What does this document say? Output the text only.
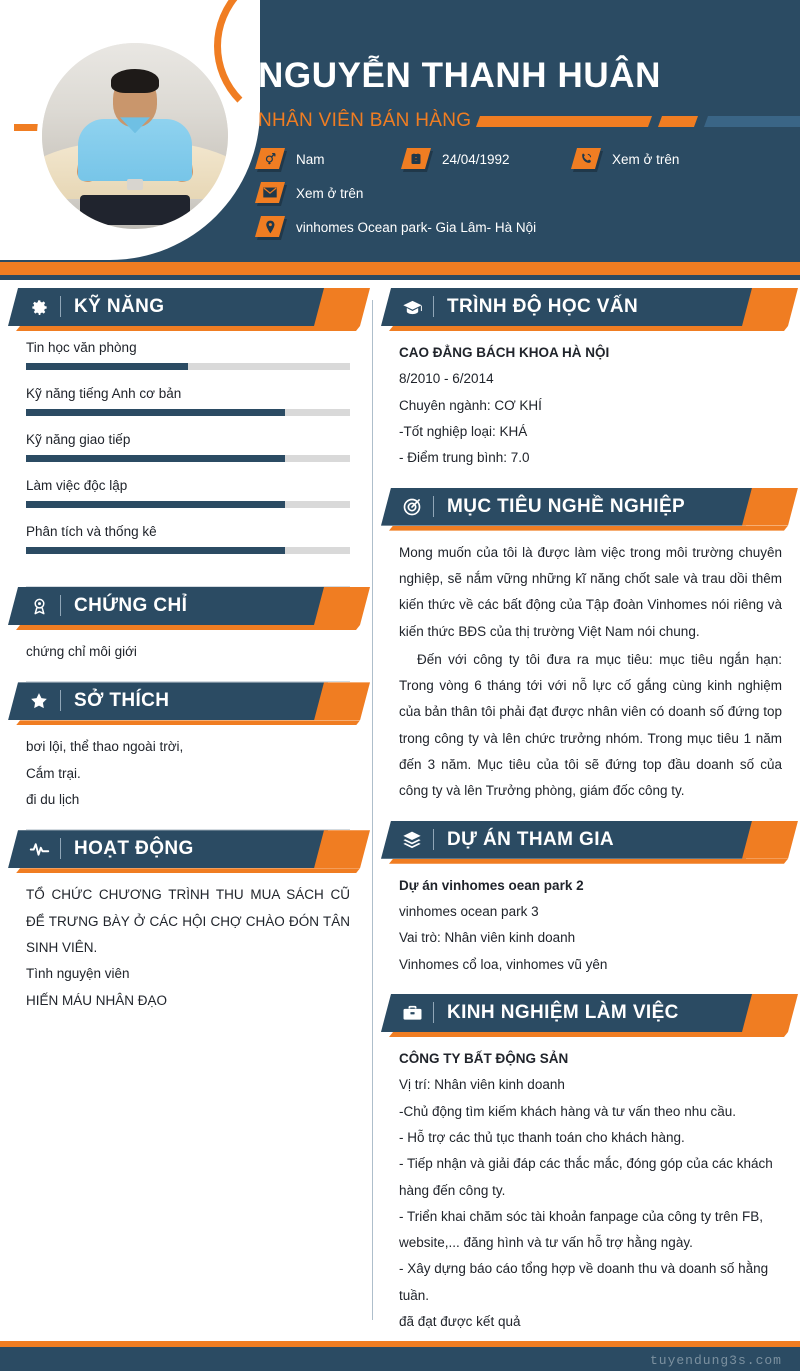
NGUYỄN THANH HUÂN
NHÂN VIÊN BÁN HÀNG
Nam	24/04/1992	Xem ở trên
Xem ở trên
vinhomes Ocean park- Gia Lâm- Hà Nội
KỸ NĂNG
Tin học văn phòng
Kỹ năng tiếng Anh cơ bản
Kỹ năng giao tiếp
Làm việc độc lập
Phân tích và thống kê
CHỨNG CHỈ
chứng chỉ môi giới
SỞ THÍCH
bơi lội, thể thao ngoài trời,
Cắm trại.
đi du lịch
HOẠT ĐỘNG
TỔ CHỨC CHƯƠNG TRÌNH THU MUA SÁCH CŨ ĐỂ TRƯNG BÀY Ở CÁC HỘI CHỢ CHÀO ĐÓN TÂN SINH VIÊN.
Tình nguyện viên
HIẾN MÁU NHÂN ĐẠO
TRÌNH ĐỘ HỌC VẤN
CAO ĐẲNG BÁCH KHOA HÀ NỘI
8/2010 - 6/2014
Chuyên ngành: CƠ KHÍ
-Tốt nghiệp loại: KHÁ
- Điểm trung bình: 7.0
MỤC TIÊU NGHỀ NGHIỆP
Mong muốn của tôi là được làm việc trong môi trường chuyên nghiệp, sẽ nắm vững những kĩ năng chốt sale và trau dồi thêm kiến thức về các bất động của Tập đoàn Vinhomes nói riêng và kiến thức BĐS của thị trường Việt Nam nói chung.
Đến với công ty tôi đưa ra mục tiêu: mục tiêu ngắn hạn: Trong vòng 6 tháng tới với nỗ lực cố gắng cùng kinh nghiệm của bản thân tôi phải đạt được nhân viên có doanh số đứng top trong công ty và lên chức trưởng nhóm. Trong mục tiêu 1 năm đến 3 năm. Mục tiêu của tôi sẽ đứng top đầu doanh số của công ty và lên Trưởng phòng, giám đốc công ty.
DỰ ÁN THAM GIA
Dự án vinhomes oean park 2
vinhomes ocean park 3
Vai trò: Nhân viên kinh doanh
Vinhomes cổ loa, vinhomes vũ yên
KINH NGHIỆM LÀM VIỆC
CÔNG TY BẤT ĐỘNG SẢN
Vị trí: Nhân viên kinh doanh
-Chủ động tìm kiếm khách hàng và tư vấn theo nhu cầu.
- Hỗ trợ các thủ tục thanh toán cho khách hàng.
- Tiếp nhận và giải đáp các thắc mắc, đóng góp của các khách hàng đến công ty.
- Triển khai chăm sóc tài khoản fanpage của công ty trên FB, website,... đăng hình và tư vấn hỗ trợ hằng ngày.
- Xây dựng báo cáo tổng hợp về doanh thu và doanh số hằng tuần.
đã đạt được kết quả
tuyendung3s.com
